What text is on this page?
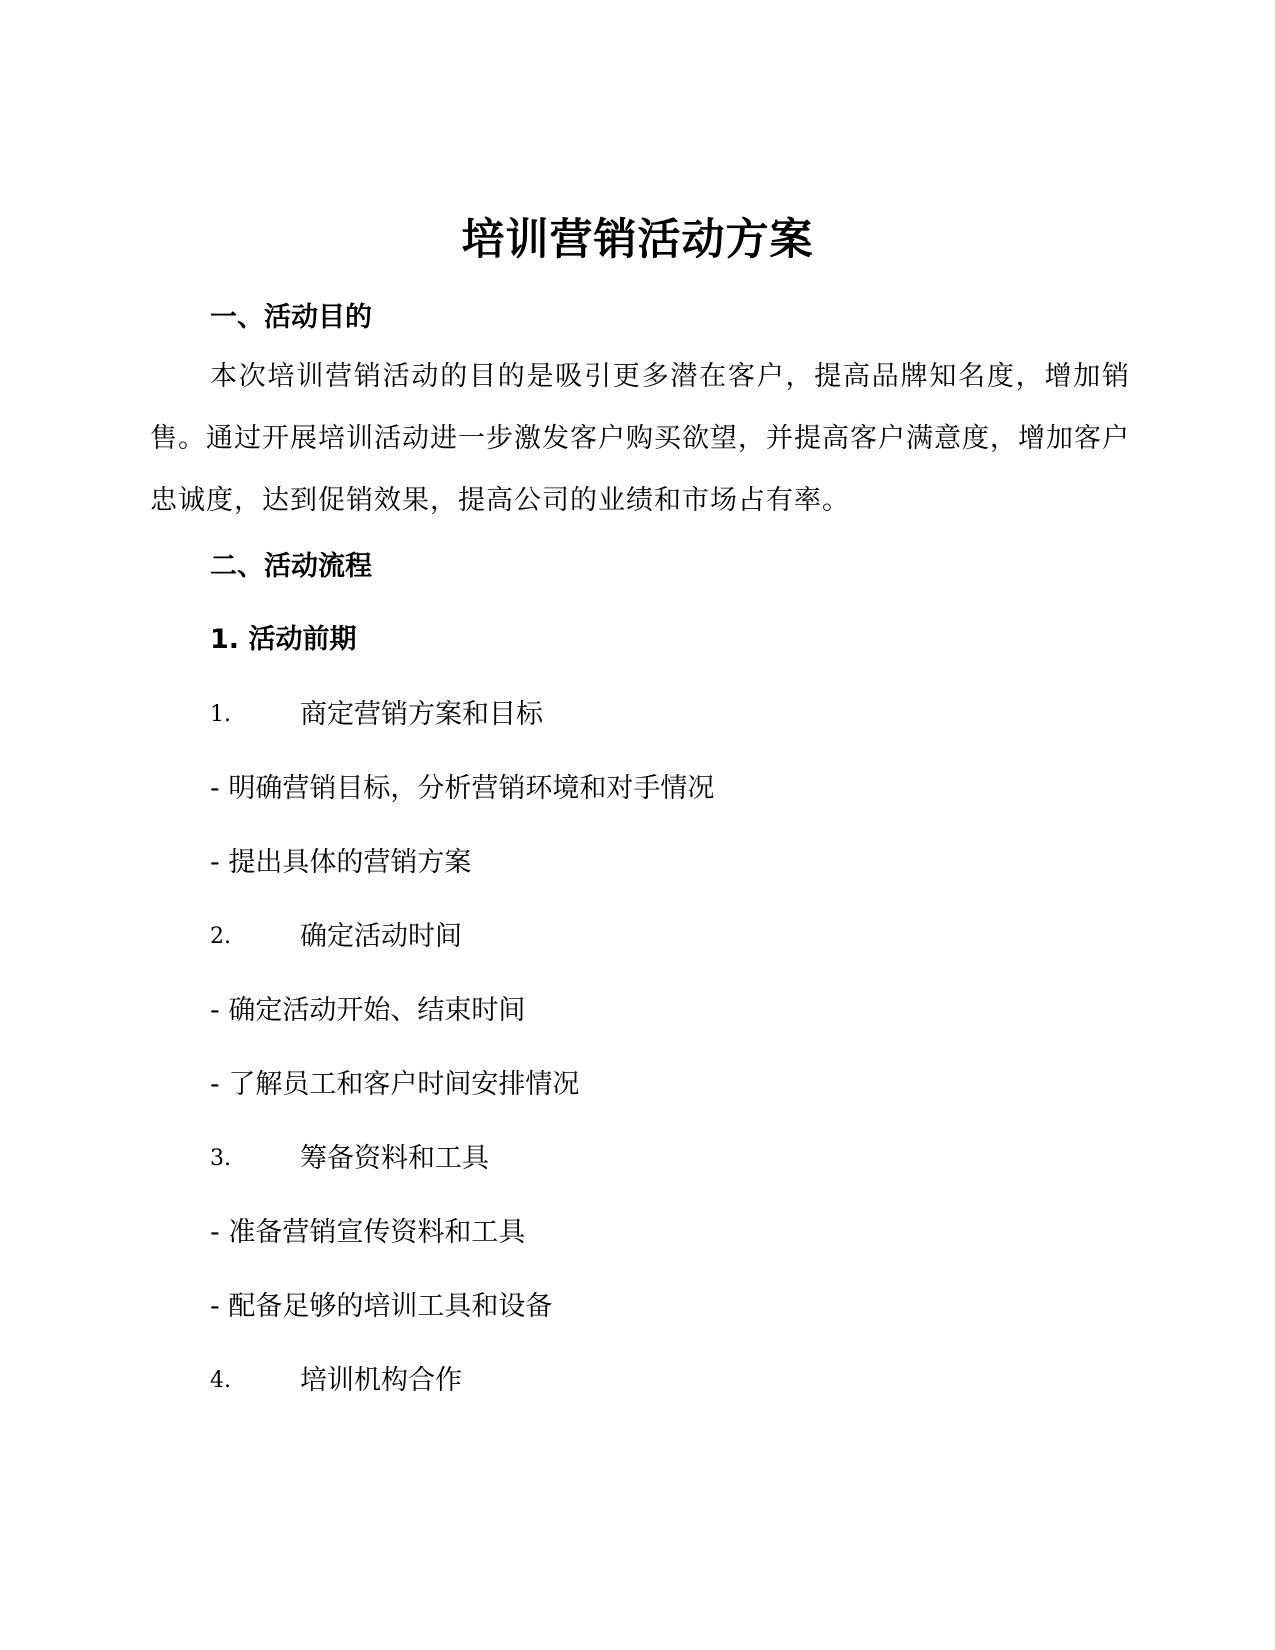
培训营销活动方案
一、活动目的
本次培训营销活动的目的是吸引更多潜在客户，提高品牌知名度，增加销售。通过开展培训活动进一步激发客户购买欲望，并提高客户满意度，增加客户忠诚度，达到促销效果，提高公司的业绩和市场占有率。
二、活动流程
1. 活动前期
1.	商定营销方案和目标
- 明确营销目标，分析营销环境和对手情况
- 提出具体的营销方案
2.	确定活动时间
- 确定活动开始、结束时间
- 了解员工和客户时间安排情况
3.	筹备资料和工具
- 准备营销宣传资料和工具
- 配备足够的培训工具和设备
4.	培训机构合作
